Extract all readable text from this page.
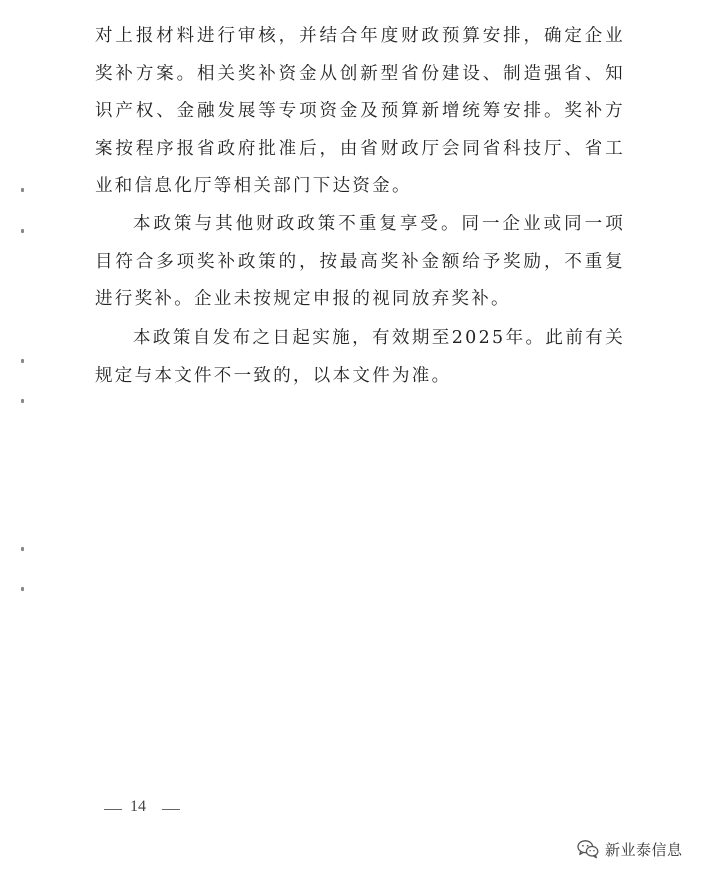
对上报材料进行审核，并结合年度财政预算安排，确定企业奖补方案。相关奖补资金从创新型省份建设、制造强省、知识产权、金融发展等专项资金及预算新增统筹安排。奖补方案按程序报省政府批准后，由省财政厅会同省科技厅、省工业和信息化厅等相关部门下达资金。

本政策与其他财政政策不重复享受。同一企业或同一项目符合多项奖补政策的，按最高奖补金额给予奖励，不重复进行奖补。企业未按规定申报的视同放弃奖补。

本政策自发布之日起实施，有效期至2025年。此前有关规定与本文件不一致的，以本文件为准。

14
新业泰信息
